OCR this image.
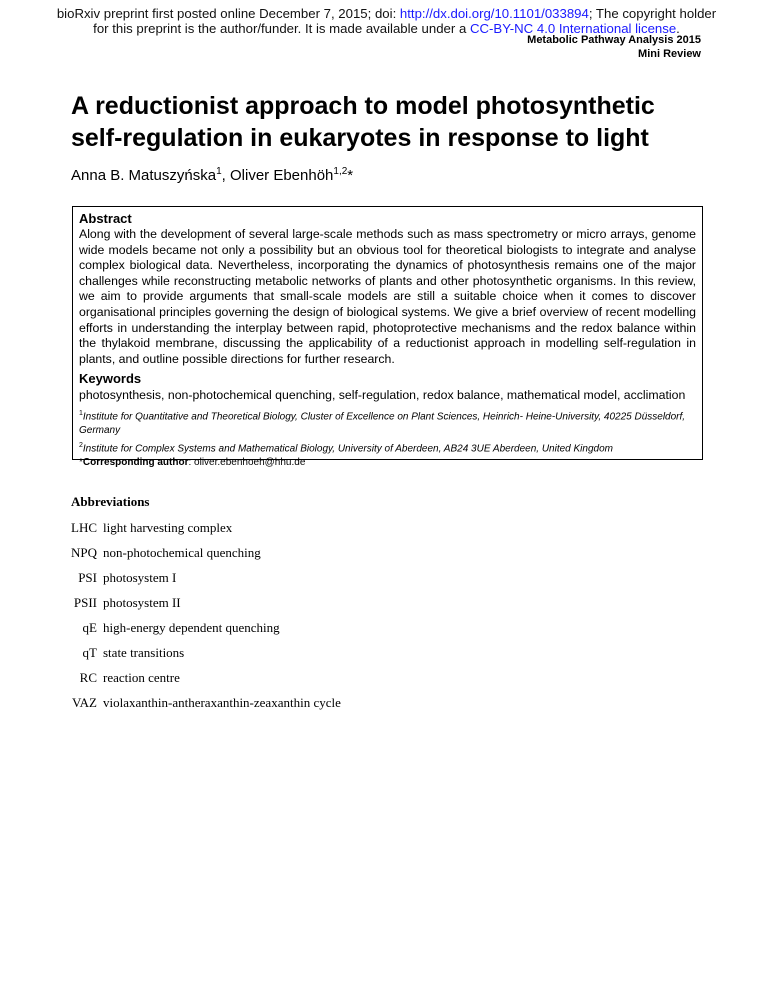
bioRxiv preprint first posted online December 7, 2015; doi: http://dx.doi.org/10.1101/033894; The copyright holder
for this preprint is the author/funder. It is made available under a CC-BY-NC 4.0 International license.
Metabolic Pathway Analysis 2015
Mini Review
A reductionist approach to model photosynthetic self-regulation in eukaryotes in response to light
Anna B. Matuszyńska$^1$, Oliver Ebenhöh$^{1,2}$*
Abstract

Along with the development of several large-scale methods such as mass spectrometry or micro arrays, genome wide models became not only a possibility but an obvious tool for theoretical biologists to integrate and analyse complex biological data. Nevertheless, incorporating the dynamics of photosynthesis remains one of the major challenges while reconstructing metabolic networks of plants and other photosynthetic organisms. In this review, we aim to provide arguments that small-scale models are still a suitable choice when it comes to discover organisational principles governing the design of biological systems. We give a brief overview of recent modelling efforts in understanding the interplay between rapid, photoprotective mechanisms and the redox balance within the thylakoid membrane, discussing the applicability of a reductionist approach in modelling self-regulation in plants, and outline possible directions for further research.

Keywords

photosynthesis, non-photochemical quenching, self-regulation, redox balance, mathematical model, acclimation

$^1$Institute for Quantitative and Theoretical Biology, Cluster of Excellence on Plant Sciences, Heinrich- Heine-University, 40225 Düsseldorf, Germany
$^2$Institute for Complex Systems and Mathematical Biology, University of Aberdeen, AB24 3UE Aberdeen, United Kingdom
*Corresponding author: oliver.ebenhoeh@hhu.de
Abbreviations
LHC light harvesting complex
NPQ non-photochemical quenching
PSI photosystem I
PSII photosystem II
qE high-energy dependent quenching
qT state transitions
RC reaction centre
VAZ violaxanthin-antheraxanthin-zeaxanthin cycle
